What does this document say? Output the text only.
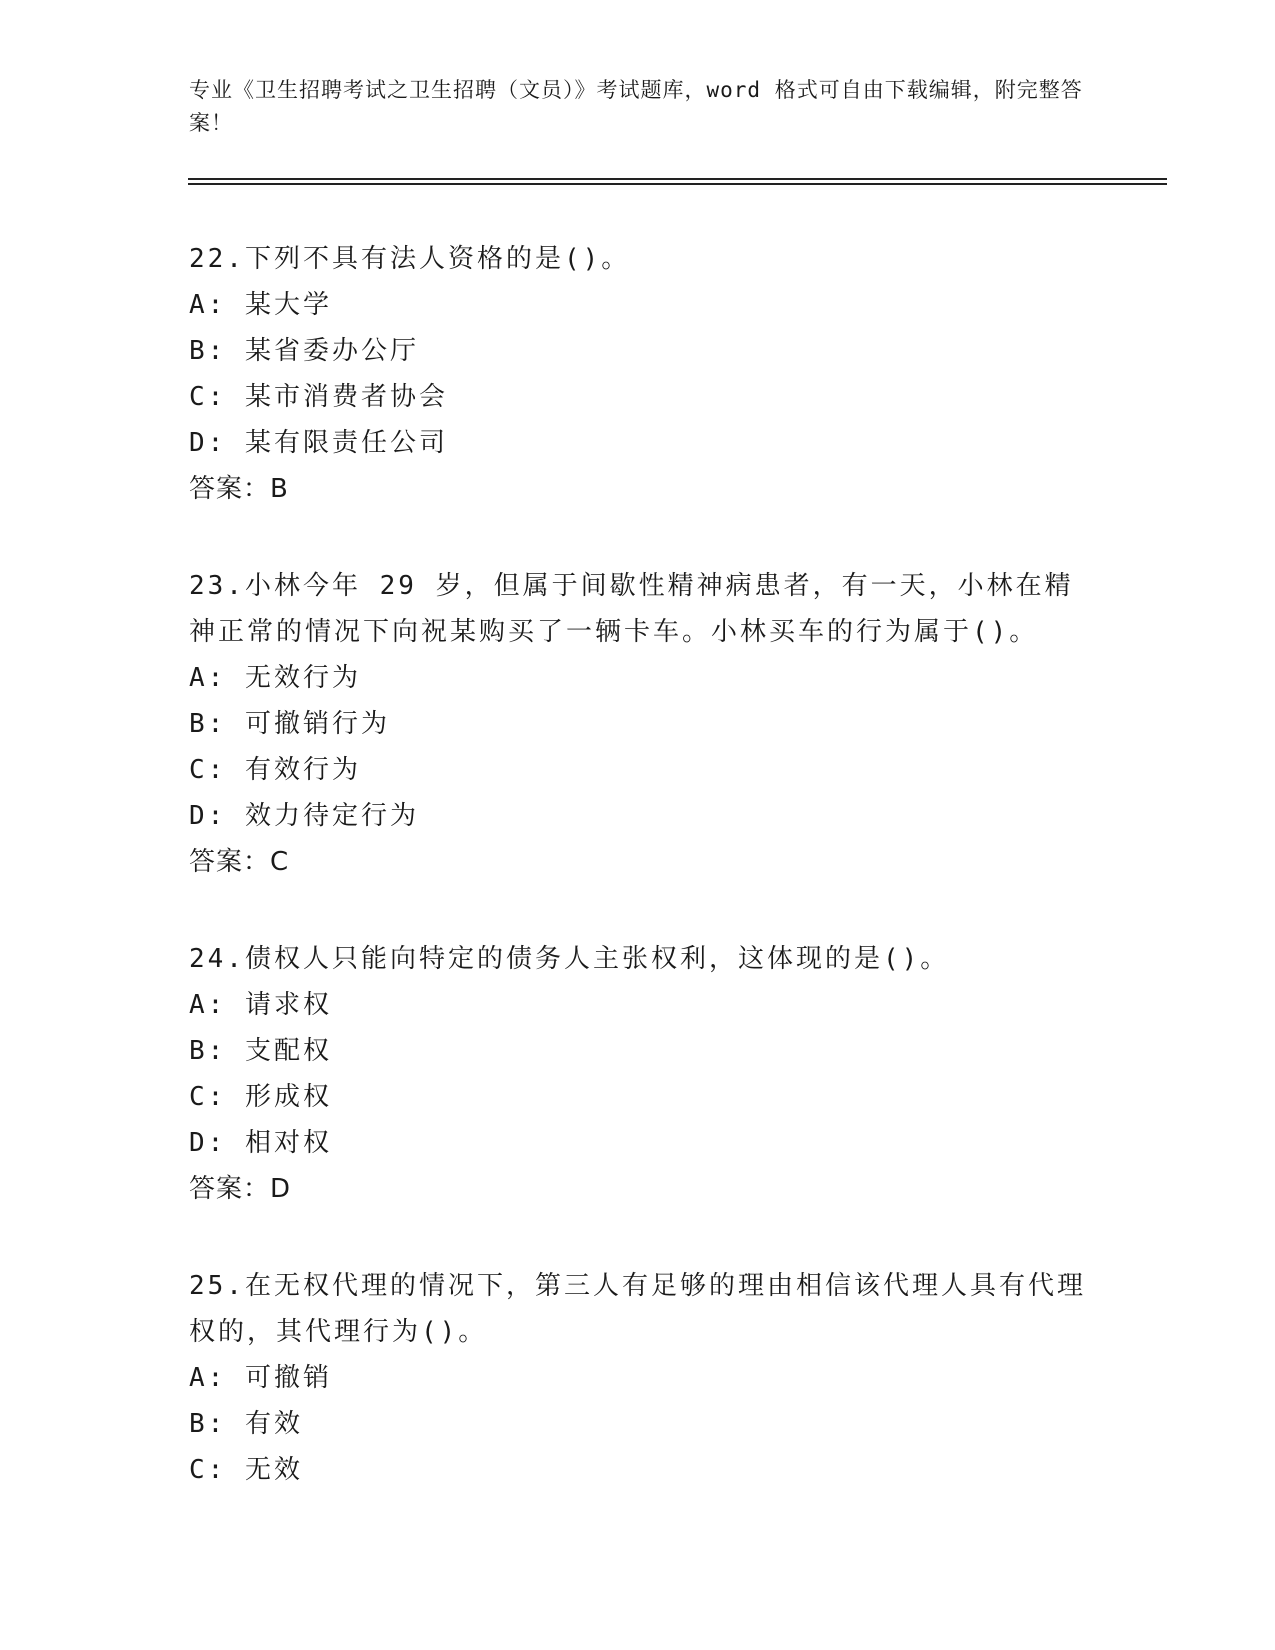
专业《卫生招聘考试之卫生招聘（文员）》考试题库，word 格式可自由下载编辑，附完整答案！
22.下列不具有法人资格的是()。
A: 某大学
B: 某省委办公厅
C: 某市消费者协会
D: 某有限责任公司
答案：B
23.小林今年 29 岁，但属于间歇性精神病患者，有一天，小林在精神正常的情况下向祝某购买了一辆卡车。小林买车的行为属于()。
A: 无效行为
B: 可撤销行为
C: 有效行为
D: 效力待定行为
答案：C
24.债权人只能向特定的债务人主张权利，这体现的是()。
A: 请求权
B: 支配权
C: 形成权
D: 相对权
答案：D
25.在无权代理的情况下，第三人有足够的理由相信该代理人具有代理权的，其代理行为()。
A: 可撤销
B: 有效
C: 无效
